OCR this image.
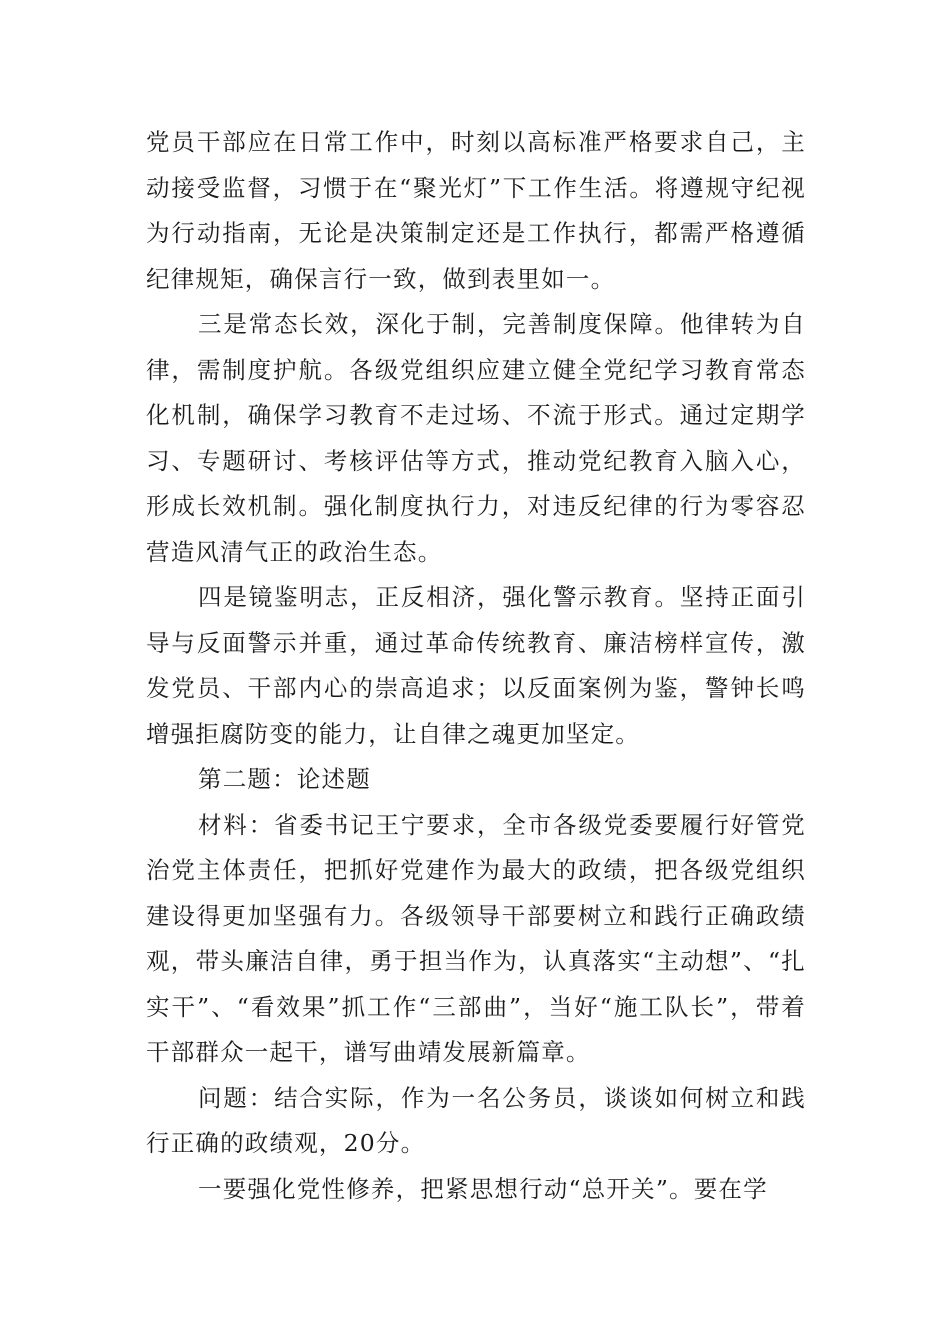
党员干部应在日常工作中，时刻以高标准严格要求自己，主动接受监督，习惯于在“聚光灯”下工作生活。将遵规守纪视为行动指南，无论是决策制定还是工作执行，都需严格遵循纪律规矩，确保言行一致，做到表里如一。

三是常态长效，深化于制，完善制度保障。他律转为自律，需制度护航。各级党组织应建立健全党纪学习教育常态化机制，确保学习教育不走过场、不流于形式。通过定期学习、专题研讨、考核评估等方式，推动党纪教育入脑入心，形成长效机制。强化制度执行力，对违反纪律的行为零容忍营造风清气正的政治生态。

四是镜鉴明志，正反相济，强化警示教育。坚持正面引导与反面警示并重，通过革命传统教育、廉洁榜样宣传，激发党员、干部内心的崇高追求；以反面案例为鉴，警钟长鸣增强拒腐防变的能力，让自律之魂更加坚定。

第二题：论述题

材料：省委书记王宁要求，全市各级党委要履行好管党治党主体责任，把抓好党建作为最大的政绩，把各级党组织建设得更加坚强有力。各级领导干部要树立和践行正确政绩观，带头廉洁自律，勇于担当作为，认真落实“主动想”、“扎实干”、“看效果”抓工作“三部曲”，当好“施工队长”，带着干部群众一起干，谱写曲靖发展新篇章。

问题：结合实际，作为一名公务员，谈谈如何树立和践行正确的政绩观，20分。

一要强化党性修养，把紧思想行动“总开关”。要在学
